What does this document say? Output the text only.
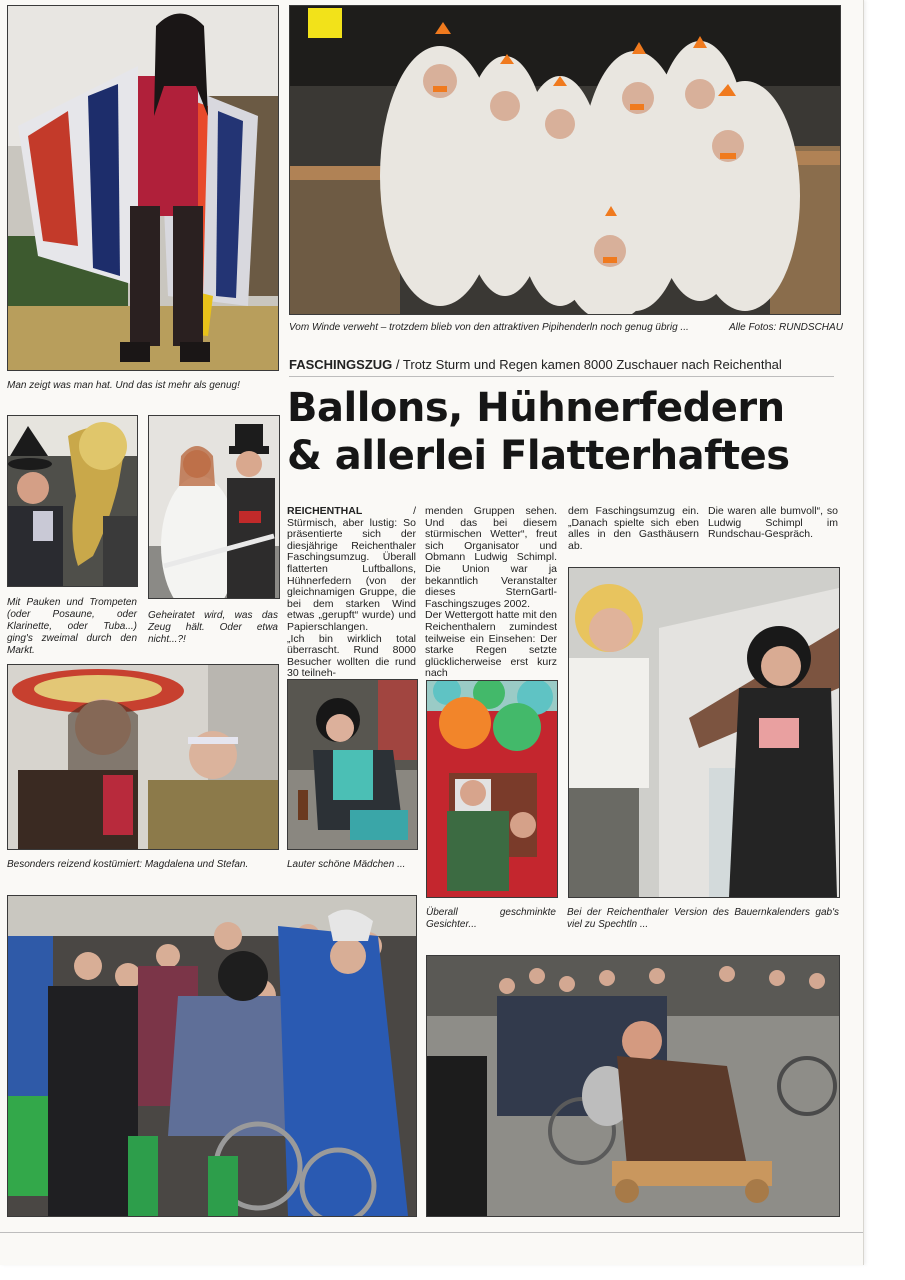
Vom Winde verweht – trotzdem blieb von den attraktiven Pipihenderln noch genug übrig ...	Alle Fotos: RUNDSCHAU
Man zeigt was man hat. Und das ist mehr als genug!
FASCHINGSZUG / Trotz Sturm und Regen kamen 8000 Zuschauer nach Reichenthal
Ballons, Hühnerfedern
& allerlei Flatterhaftes
Mit Pauken und Trompeten (oder Posaune, oder Klarinette, oder Tuba...) ging's zweimal durch den Markt.
Geheiratet wird, was das Zeug hält. Oder etwa nicht...?!

REICHENTHAL / Stürmisch, aber lustig: So präsentierte sich der diesjährige Reichenthaler Faschingsumzug. Überall flatterten Luftballons, Hühnerfedern (von der gleichnamigen Gruppe, die bei dem starken Wind etwas „gerupft“ wurde) und Papierschlangen.

„Ich bin wirklich total überrascht. Rund 8000 Besucher wollten die rund 30 teilneh-

menden Gruppen sehen. Und das bei diesem stürmischen Wetter“, freut sich Organisator und Obmann Ludwig Schimpl. Die Union war ja bekanntlich Veranstalter dieses SternGartl-Faschingszuges 2002.

Der Wettergott hatte mit den Reichenthalern zumindest teilweise ein Einsehen: Der starke Regen setzte glücklicherweise erst kurz nach

dem Faschingsumzug ein. „Danach spielte sich eben alles in den Gasthäusern ab.

Die waren alle bumvoll“, so Ludwig Schimpl im Rundschau-Gespräch.

Besonders reizend kostümiert: Magdalena und Stefan.	Lauter schöne Mädchen ...
Überall geschminkte Gesichter...
Bei der Reichenthaler Version des Bauernkalenders gab's viel zu Spechtln ...
